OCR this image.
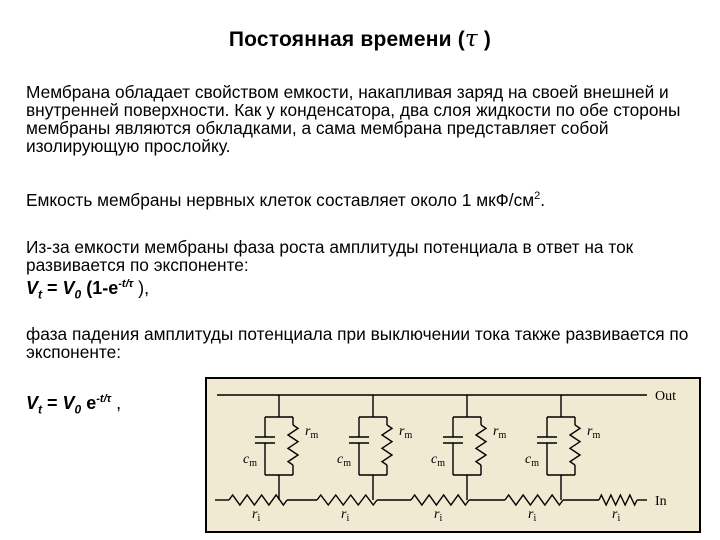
Постоянная времени (τ )
Мембрана обладает свойством емкости, накапливая заряд на своей внешней и внутренней поверхности. Как у конденсатора, два слоя жидкости по обе стороны мембраны являются обкладками, а сама мембрана представляет собой изолирующую прослойку.
Емкость мембраны нервных клеток составляет около 1 мкФ/$см^2$.
Из-за емкости мембраны фаза роста амплитуды потенциала в ответ на ток развивается по экспоненте:
$V_t = V_0$ ($1-e^{-t/\tau}$ ),
фаза падения амплитуды потенциала при выключении тока также развивается по экспоненте:
$V_t = V_0$ $e^{-t/\tau}$ ,	Out
$r_i$	$r_i$	$r_i$	$r_i$	$r_i$
In
$c_m$
$r_m$
$c_m$
$r_m$
$c_m$
$r_m$
$c_m$
$r_m$
